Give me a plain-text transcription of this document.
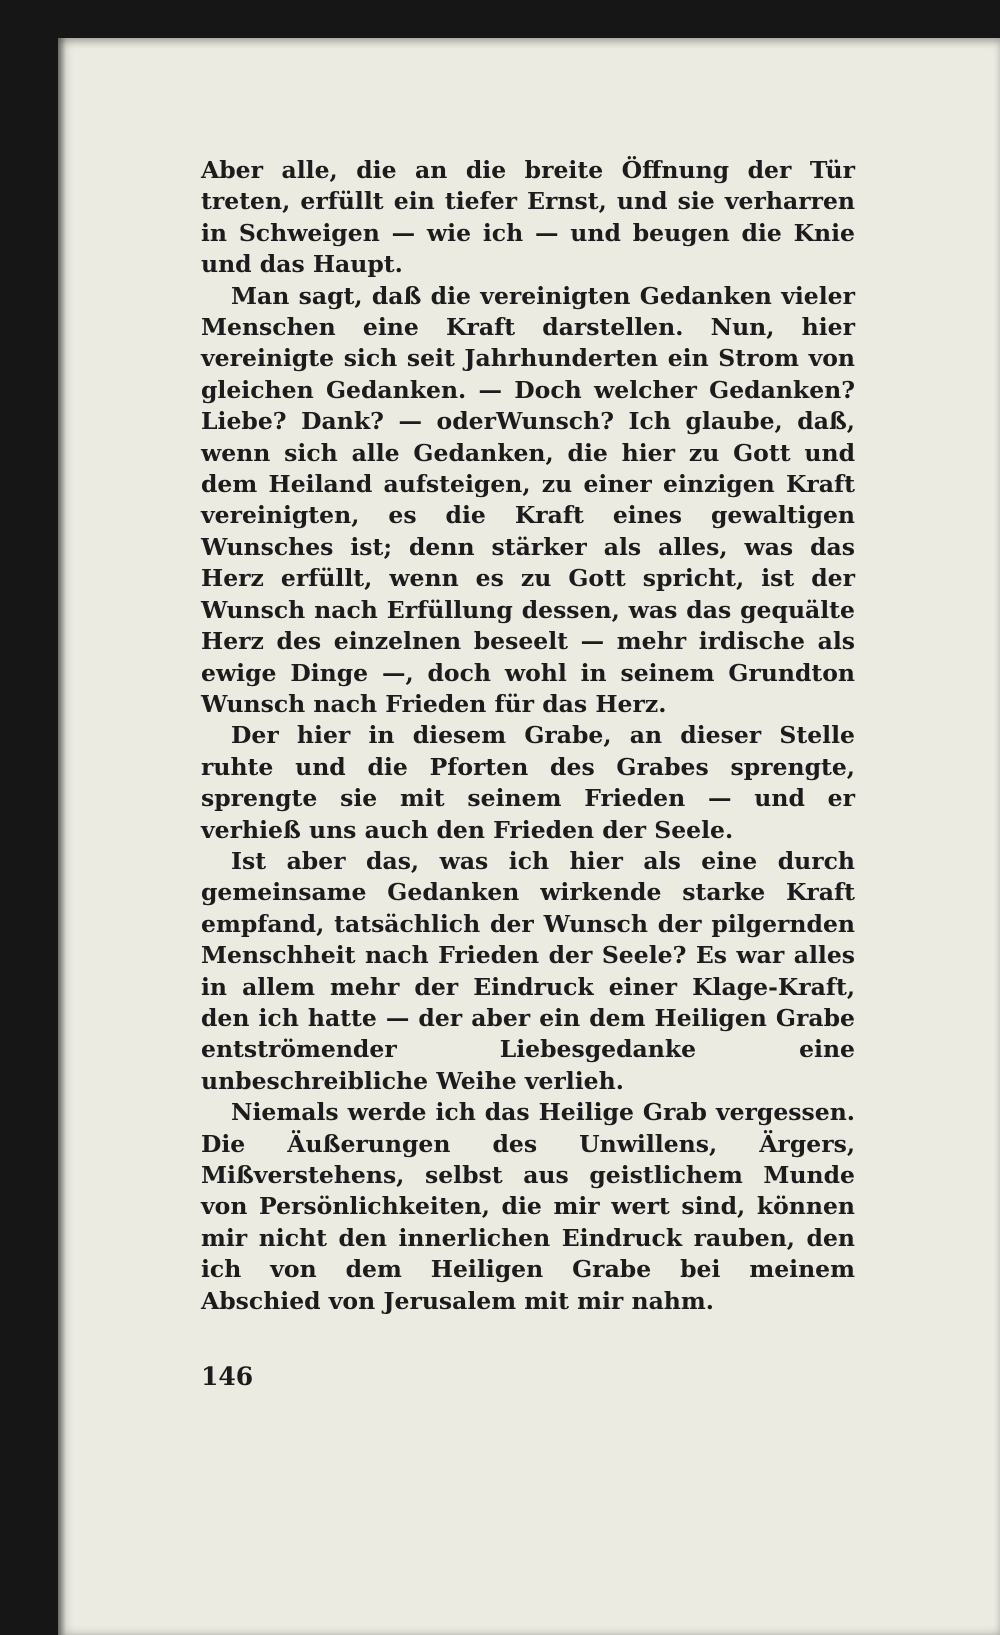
Aber alle, die an die breite Öffnung der Tür treten, erfüllt ein tiefer Ernst, und sie verharren in Schweigen — wie ich — und beugen die Knie und das Haupt.

Man sagt, daß die vereinigten Gedanken vieler Menschen eine Kraft darstellen. Nun, hier vereinigte sich seit Jahrhunderten ein Strom von gleichen Gedanken. — Doch welcher Gedanken? Liebe? Dank? — oderWunsch? Ich glaube, daß, wenn sich alle Gedanken, die hier zu Gott und dem Heiland aufsteigen, zu einer einzigen Kraft vereinigten, es die Kraft eines gewaltigen Wunsches ist; denn stärker als alles, was das Herz erfüllt, wenn es zu Gott spricht, ist der Wunsch nach Erfüllung dessen, was das gequälte Herz des einzelnen beseelt — mehr irdische als ewige Dinge —, doch wohl in seinem Grundton Wunsch nach Frieden für das Herz.

Der hier in diesem Grabe, an dieser Stelle ruhte und die Pforten des Grabes sprengte, sprengte sie mit seinem Frieden — und er verhieß uns auch den Frieden der Seele.

Ist aber das, was ich hier als eine durch gemeinsame Gedanken wirkende starke Kraft empfand, tatsächlich der Wunsch der pilgernden Menschheit nach Frieden der Seele? Es war alles in allem mehr der Eindruck einer Klage-Kraft, den ich hatte — der aber ein dem Heiligen Grabe entströmender Liebesgedanke eine unbeschreibliche Weihe verlieh.

Niemals werde ich das Heilige Grab vergessen. Die Äußerungen des Unwillens, Ärgers, Mißverstehens, selbst aus geistlichem Munde von Persönlichkeiten, die mir wert sind, können mir nicht den innerlichen Eindruck rauben, den ich von dem Heiligen Grabe bei meinem Abschied von Jerusalem mit mir nahm.

146
